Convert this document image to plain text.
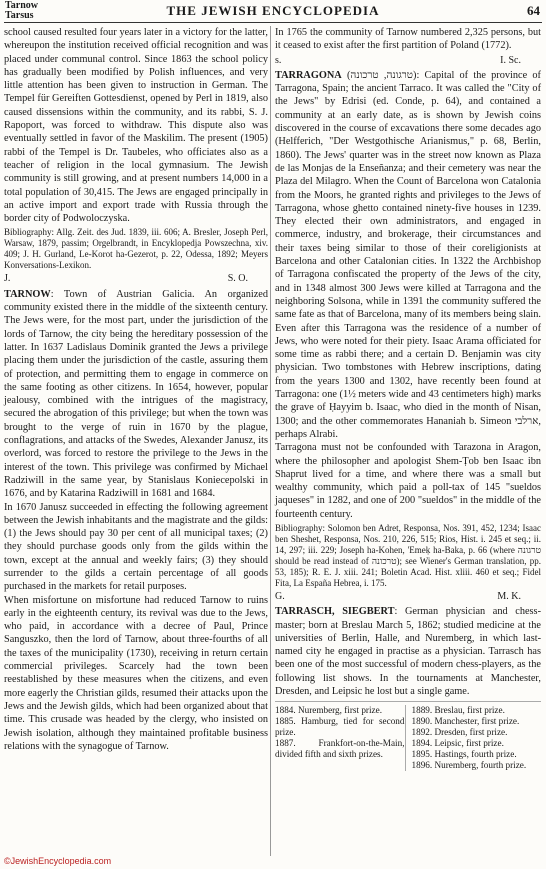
Tarnow
Tarsus	THE JEWISH ENCYCLOPEDIA	64

school caused resulted four years later in a victory for the latter, whereupon the institution received official recognition and was placed under communal control. Since 1863 the school policy has gradually been modified by Polish influences, and very little attention has been given to instruction in German. The Tempel für Gereiften Gottesdienst, opened by Perl in 1819, also caused dissensions within the community, and its rabbi, S. J. Rapoport, was forced to withdraw. This dispute also was eventually settled in favor of the Maskilim. The present (1905) rabbi of the Tempel is Dr. Taubeles, who officiates also as a teacher of religion in the local gymnasium. The Jewish community is still growing, and at present numbers 14,000 in a total population of 30,415. The Jews are engaged principally in an active import and export trade with Russia through the border city of Podwoloczyska.

Bibliography: Allg. Zeit. des Jud. 1839, iii. 606; A. Bresler, Joseph Perl, Warsaw, 1879, passim; Orgelbrandt, in Encyklopedja Powszechna, xiv. 409; J. H. Gurland, Le-Korot ha-Gezerot, p. 22, Odessa, 1892; Meyers Konversations-Lexikon.

J.	S. O.

TARNOW: Town of Austrian Galicia. An organized community existed there in the middle of the sixteenth century. The Jews were, for the most part, under the jurisdiction of the lords of Tarnow, the city being the hereditary possession of the latter. In 1637 Ladislaus Dominik granted the Jews a privilege placing them under the jurisdiction of the castle, assuring them of protection, and permitting them to engage in commerce on the same footing as other citizens. In 1654, however, popular jealousy, combined with the intrigues of the magistracy, secured the abrogation of this privilege; but when the town was brought to the verge of ruin in 1670 by the plague, conflagrations, and attacks of the Swedes, Alexander Janusz, its overlord, was forced to restore the privilege to the Jews in the interest of the town. This privilege was confirmed by Michael Radziwill in the same year, by Stanislaus Koniecepolski in 1676, and by Katarina Radziwill in 1681 and 1684.

In 1670 Janusz succeeded in effecting the following agreement between the Jewish inhabitants and the magistrate and the gilds: (1) the Jews should pay 30 per cent of all municipal taxes; (2) they should purchase goods only from the gilds within the town, except at the annual and weekly fairs; (3) they should surrender to the gilds a certain percentage of all goods purchased in the markets for retail purposes.

When misfortune on misfortune had reduced Tarnow to ruins early in the eighteenth century, its revival was due to the Jews, who paid, in accordance with a decree of Paul, Prince Sanguszko, then the lord of Tarnow, about three-fourths of all the taxes of the municipality (1730), receiving in return certain commercial privileges. Scarcely had the town been reestablished by these measures when the citizens, and even more eagerly the Christian gilds, resumed their attacks upon the Jews and the Jewish gilds, which had been organized about that time. This crusade was headed by the clergy, who insisted on Jewish isolation, although they maintained profitable business relations with the synagogue of Tarnow.

In 1765 the community of Tarnow numbered 2,325 persons, but it ceased to exist after the first partition of Poland (1772).

s.	I. Sc.

TARRAGONA (טרגונה, טרכונה): Capital of the province of Tarragona, Spain; the ancient Tarraco. It was called the "City of the Jews" by Edrisi (ed. Conde, p. 64), and contained a community at an early date, as is shown by Jewish coins discovered in the course of excavations there some decades ago (Helfferich, "Der Westgothische Arianismus," p. 68, Berlin, 1860). The Jews' quarter was in the street now known as Plaza de las Monjas de la Enseñanza; and their cemetery was near the Plaza del Milagro. When the Count of Barcelona won Catalonia from the Moors, he granted rights and privileges to the Jews of Tarragona, whose ghetto contained ninety-five houses in 1239. They elected their own administrators, and engaged in commerce, industry, and brokerage, their circumstances and their taxes being similar to those of their coreligionists at Barcelona and other Catalonian cities. In 1322 the Archbishop of Tarragona confiscated the property of the Jews of the city, and in 1348 almost 300 Jews were killed at Tarragona and the neighboring Solsona, while in 1391 the community suffered the same fate as that of Barcelona, many of its members being slain. Even after this Tarragona was the residence of a number of Jews, who were noted for their piety. Isaac Arama officiated for some time as rabbi there; and a certain D. Benjamin was city physician. Two tombstones with Hebrew inscriptions, dating from the years 1300 and 1302, have recently been found at Tarragona: one (1½ meters wide and 43 centimeters high) marks the grave of Ḥayyim b. Isaac, who died in the month of Nisan, 1300; and the other commemorates Hananiah b. Simeon ארלבי, perhaps Alrabi.

Tarragona must not be confounded with Tarazona in Aragon, where the philosopher and apologist Shem-Ṭob ben Isaac ibn Shaprut lived for a time, and where there was a small but wealthy community, which paid a poll-tax of 145 "sueldos jaqueses" in 1282, and one of 200 "sueldos" in the middle of the fourteenth century.

Bibliography: Solomon ben Adret, Responsa, Nos. 391, 452, 1234; Isaac ben Sheshet, Responsa, Nos. 210, 226, 515; Rios, Hist. i. 245 et seq.; ii. 14, 297; iii. 229; Joseph ha-Kohen, 'Emeḳ ha-Baka, p. 66 (where טרגונה should be read instead of טרכונה); see Wiener's German translation, pp. 53, 185); R. E. J. xiii. 241; Boletin Acad. Hist. xliii. 460 et seq.; Fidel Fita, La España Hebrea, i. 175.

G.	M. K.

TARRASCH, SIEGBERT: German physician and chess-master; born at Breslau March 5, 1862; studied medicine at the universities of Berlin, Halle, and Nuremberg, in which last-named city he engaged in practise as a physician. Tarrasch has been one of the most successful of modern chess-players, as the following list shows. In the tournaments at Manchester, Dresden, and Leipsic he lost but a single game.

1884. Nuremberg, first prize.
1885. Hamburg, tied for second prize.
1887. Frankfort-on-the-Main, divided fifth and sixth prizes.
1889. Breslau, first prize.
1890. Manchester, first prize.
1892. Dresden, first prize.
1894. Leipsic, first prize.
1895. Hastings, fourth prize.
1896. Nuremberg, fourth prize.
©JewishEncyclopedia.com
